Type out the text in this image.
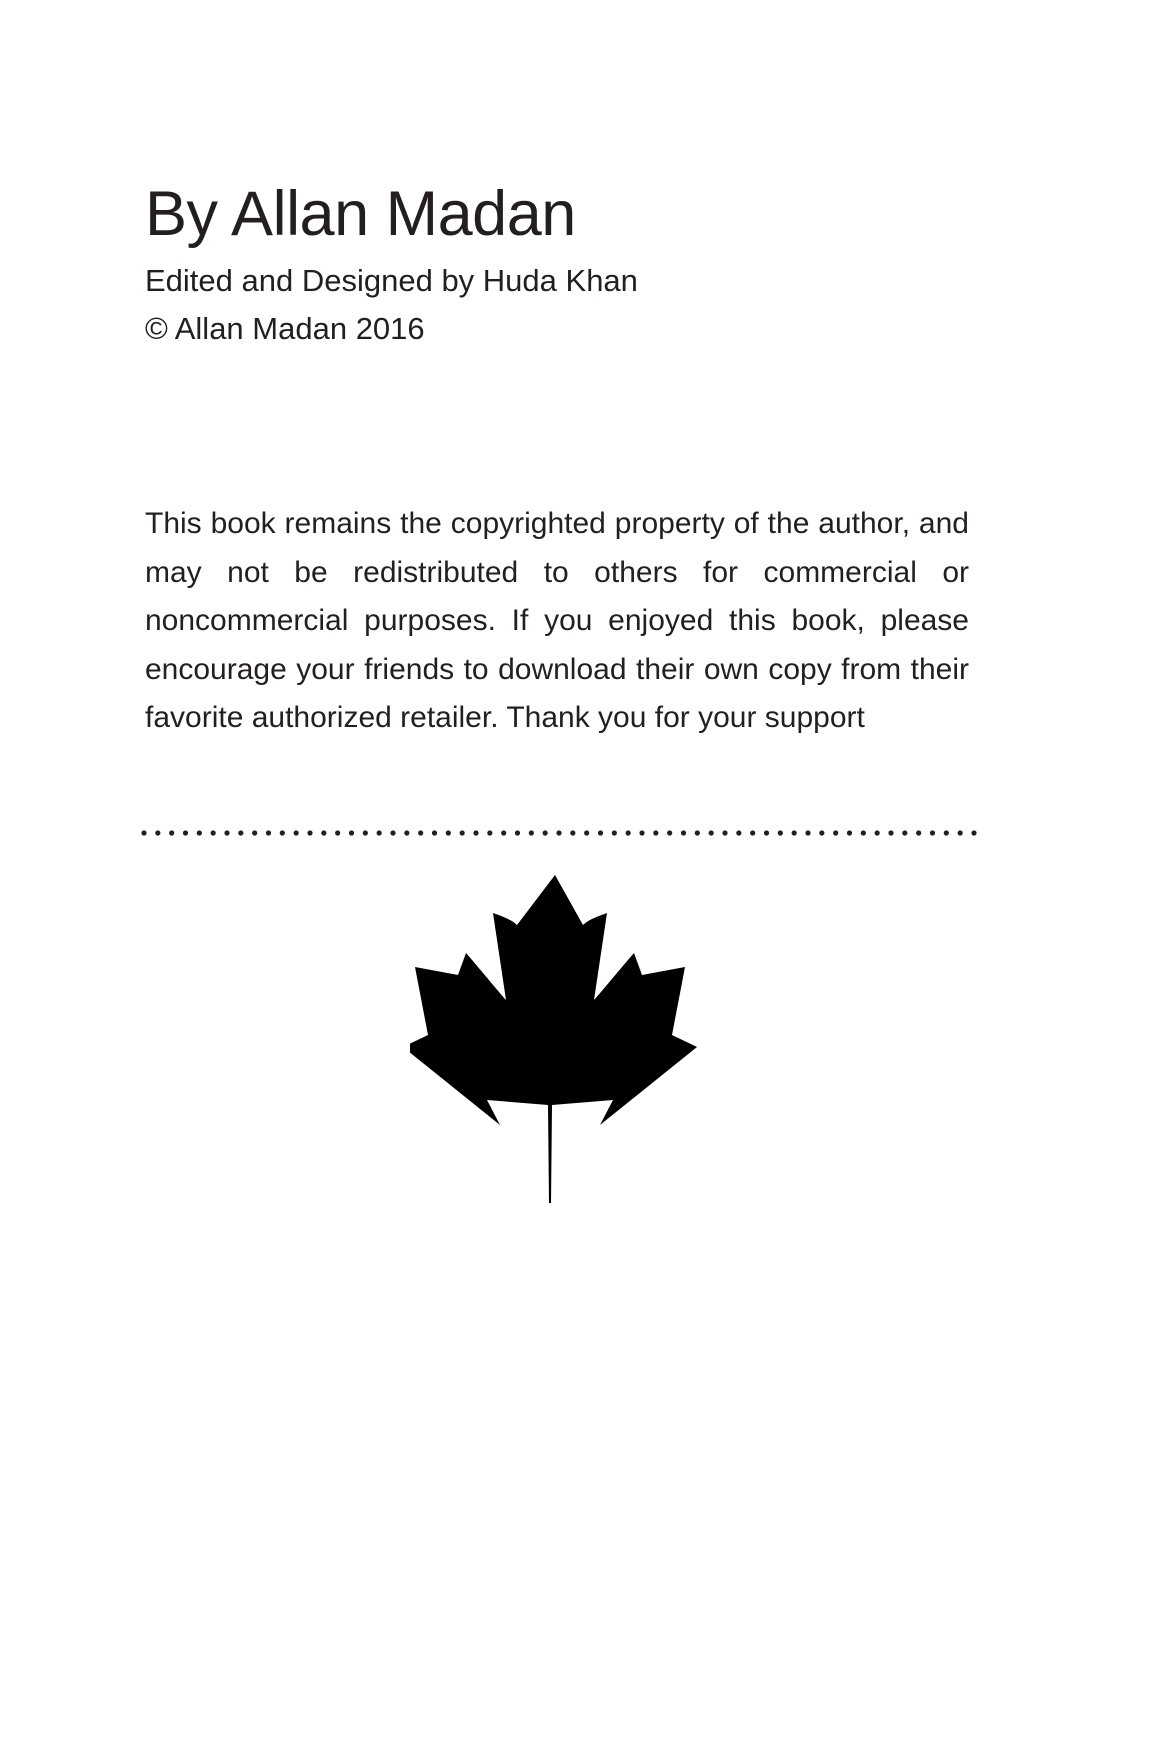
By Allan Madan

Edited and Designed by Huda Khan

© Allan Madan 2016

This book remains the copyrighted property of the author, and may not be redistributed to others for commercial or noncommercial purposes. If you enjoyed this book, please encourage your friends to download their own copy from their favorite authorized retailer. Thank you for your support
